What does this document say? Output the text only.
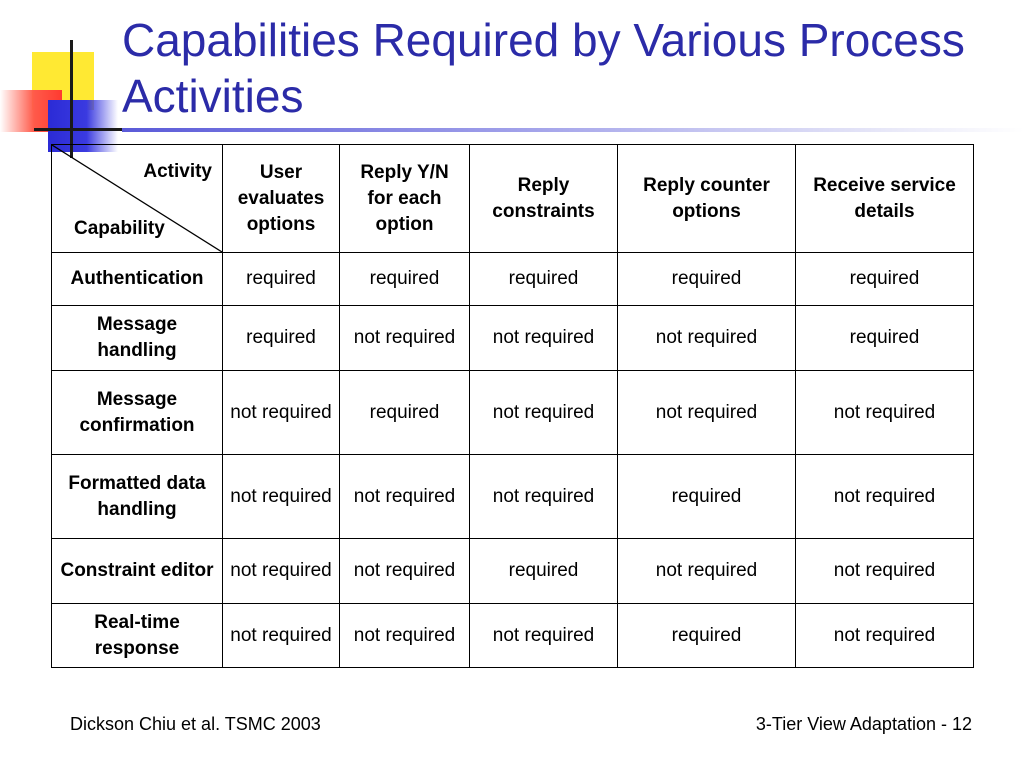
Capabilities Required by Various Process Activities
Activity
Capability	User evaluates options	Reply Y/N for each option	Reply constraints	Reply counter options	Receive service details
Authentication	required	required	required	required	required
Message handling	required	not required	not required	not required	required
Message confirmation	not required	required	not required	not required	not required
Formatted data handling	not required	not required	not required	required	not required
Constraint editor	not required	not required	required	not required	not required
Real-time response	not required	not required	not required	required	not required
Dickson Chiu et al. TSMC 2003	3-Tier View Adaptation - 12
